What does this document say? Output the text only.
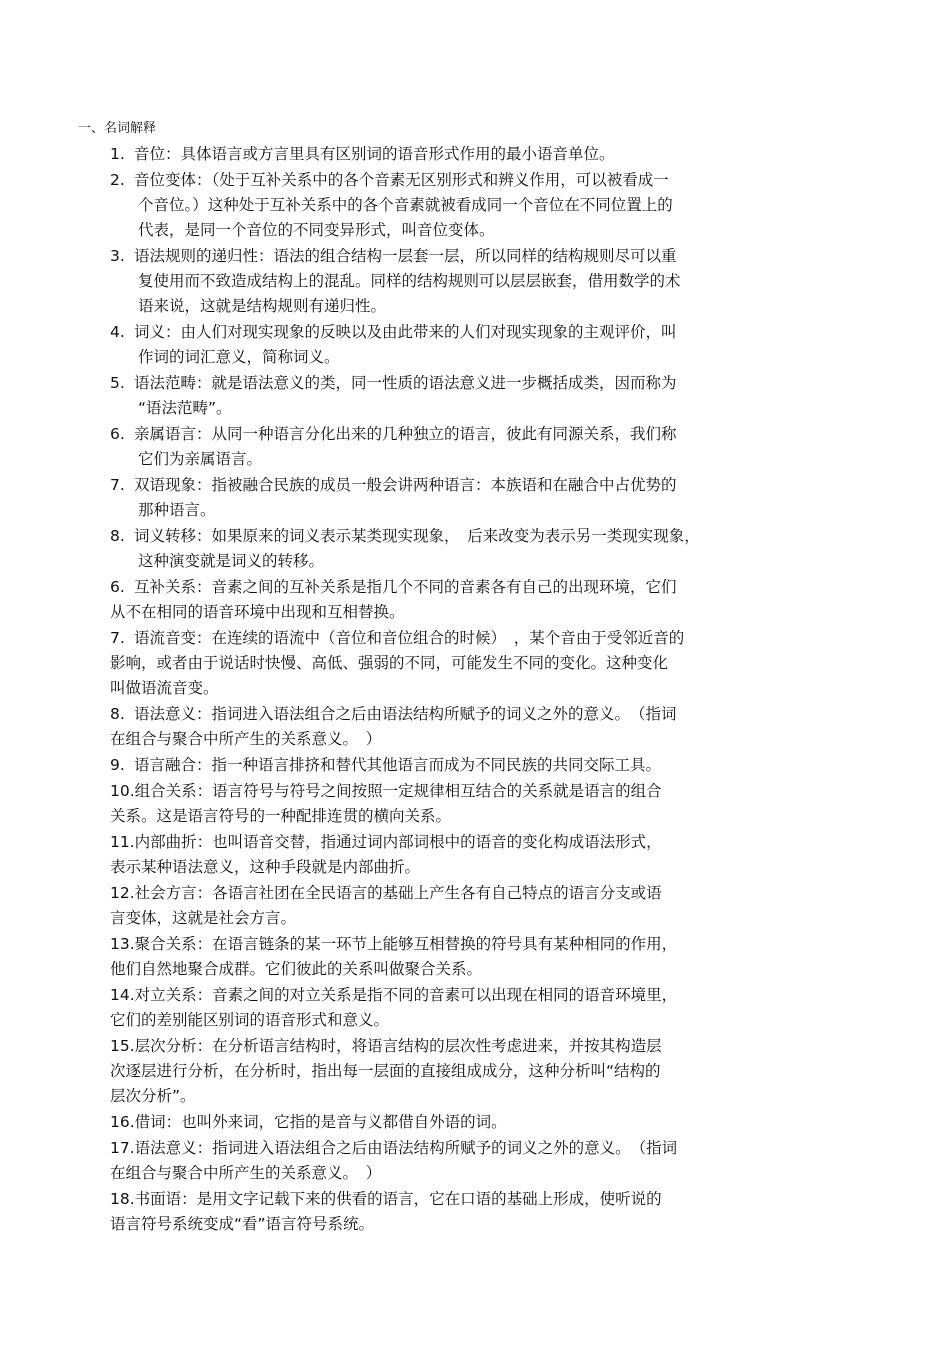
一、名词解释
1. 音位：具体语言或方言里具有区别词的语音形式作用的最小语音单位。
2. 音位变体：（处于互补关系中的各个音素无区别形式和辨义作用，可以被看成一
个音位。）这种处于互补关系中的各个音素就被看成同一个音位在不同位置上的
代表，是同一个音位的不同变异形式，叫音位变体。
3. 语法规则的递归性：语法的组合结构一层套一层，所以同样的结构规则尽可以重
复使用而不致造成结构上的混乱。同样的结构规则可以层层嵌套，借用数学的术
语来说，这就是结构规则有递归性。
4. 词义：由人们对现实现象的反映以及由此带来的人们对现实现象的主观评价，叫
作词的词汇意义，简称词义。
5. 语法范畴：就是语法意义的类，同一性质的语法意义进一步概括成类，因而称为
“语法范畴”。
6. 亲属语言：从同一种语言分化出来的几种独立的语言，彼此有同源关系，我们称
它们为亲属语言。
7. 双语现象：指被融合民族的成员一般会讲两种语言：本族语和在融合中占优势的
那种语言。
8. 词义转移：如果原来的词义表示某类现实现象，　后来改变为表示另一类现实现象，
这种演变就是词义的转移。
6. 互补关系：音素之间的互补关系是指几个不同的音素各有自己的出现环境，它们
从不在相同的语音环境中出现和互相替换。
7. 语流音变：在连续的语流中（音位和音位组合的时候）　，某个音由于受邻近音的
影响，或者由于说话时快慢、高低、强弱的不同，可能发生不同的变化。这种变化
叫做语流音变。
8. 语法意义：指词进入语法组合之后由语法结构所赋予的词义之外的意义。　（指词
在组合与聚合中所产生的关系意义。　）
9. 语言融合：指一种语言排挤和替代其他语言而成为不同民族的共同交际工具。
10.组合关系：语言符号与符号之间按照一定规律相互结合的关系就是语言的组合
关系。这是语言符号的一种配排连贯的横向关系。
11.内部曲折：也叫语音交替，指通过词内部词根中的语音的变化构成语法形式，
表示某种语法意义，这种手段就是内部曲折。
12.社会方言：各语言社团在全民语言的基础上产生各有自己特点的语言分支或语
言变体，这就是社会方言。
13.聚合关系：在语言链条的某一环节上能够互相替换的符号具有某种相同的作用，
他们自然地聚合成群。它们彼此的关系叫做聚合关系。
14.对立关系：音素之间的对立关系是指不同的音素可以出现在相同的语音环境里，
它们的差别能区别词的语音形式和意义。
15.层次分析：在分析语言结构时，将语言结构的层次性考虑进来，并按其构造层
次逐层进行分析，在分析时，指出每一层面的直接组成成分，这种分析叫“结构的
层次分析”。
16.借词：也叫外来词，它指的是音与义都借自外语的词。
17.语法意义：指词进入语法组合之后由语法结构所赋予的词义之外的意义。　（指词
在组合与聚合中所产生的关系意义。　）
18.书面语：是用文字记载下来的供看的语言，它在口语的基础上形成，使听说的
语言符号系统变成“看”语言符号系统。
